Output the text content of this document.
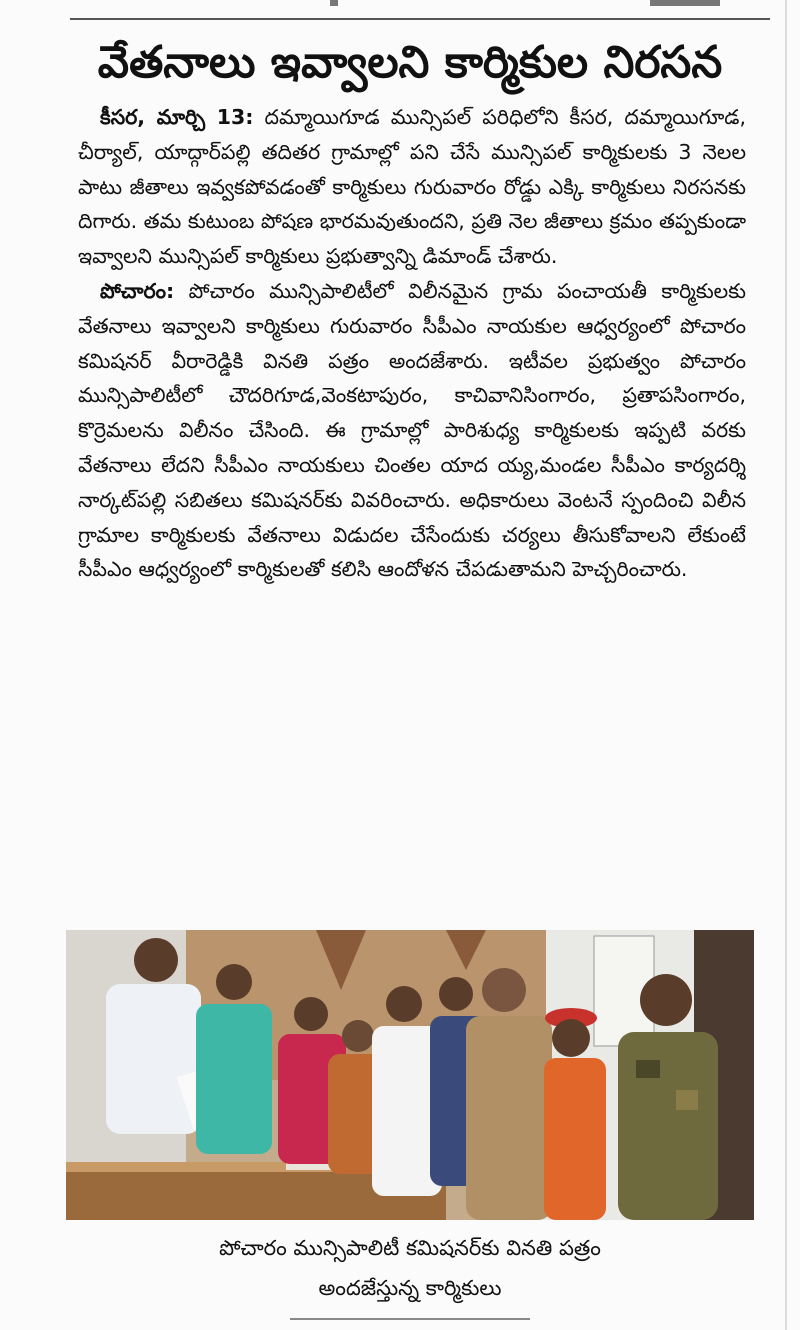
వేతనాలు ఇవ్వాలని కార్మికుల నిరసన

కీసర, మార్చి 13: దమ్మాయిగూడ మున్సిపల్ పరిధిలోని కీసర, దమ్మాయిగూడ, చీర్యాల్, యాద్గార్‌పల్లి తదితర గ్రామాల్లో పని చేసే మున్సిపల్ కార్మికులకు 3 నెలల పాటు జీతాలు ఇవ్వకపోవడంతో కార్మికులు గురువారం రోడ్డు ఎక్కి కార్మికులు నిరసనకు దిగారు. తమ కుటుంబ పోషణ భారమవుతుందని, ప్రతి నెల జీతాలు క్రమం తప్పకుండా ఇవ్వాలని మున్సిపల్ కార్మికులు ప్రభుత్వాన్ని డిమాండ్ చేశారు.

పోచారం: పోచారం మున్సిపాలిటీలో విలీనమైన గ్రామ పంచాయతీ కార్మికులకు వేతనాలు ఇవ్వాలని కార్మికులు గురువారం సీపీఎం నాయకుల ఆధ్వర్యంలో పోచారం కమిషనర్ వీరారెడ్డికి వినతి పత్రం అందజేశారు. ఇటీవల ప్రభుత్వం పోచారం మున్సిపాలిటీలో చౌదరిగూడ,వెంకటాపురం, కాచివానిసింగారం, ప్రతాపసింగారం, కొర్రెమలను విలీనం చేసింది. ఈ గ్రామాల్లో పారిశుధ్య కార్మికులకు ఇప్పటి వరకు వేతనాలు లేదని సీపీఎం నాయకులు చింతల యాద య్య,మండల సీపీఎం కార్యదర్శి నార్కట్‌పల్లి సబితలు కమిషనర్‌కు వివరించారు. అధికారులు వెంటనే స్పందించి విలీన గ్రామాల కార్మికులకు వేతనాలు విడుదల చేసేందుకు చర్యలు తీసుకోవాలని లేకుంటే సీపీఎం ఆధ్వర్యంలో కార్మికులతో కలిసి ఆందోళన చేపడుతామని హెచ్చరించారు.

పోచారం మున్సిపాలిటీ కమిషనర్‌కు వినతి పత్రం
అందజేస్తున్న కార్మికులు
